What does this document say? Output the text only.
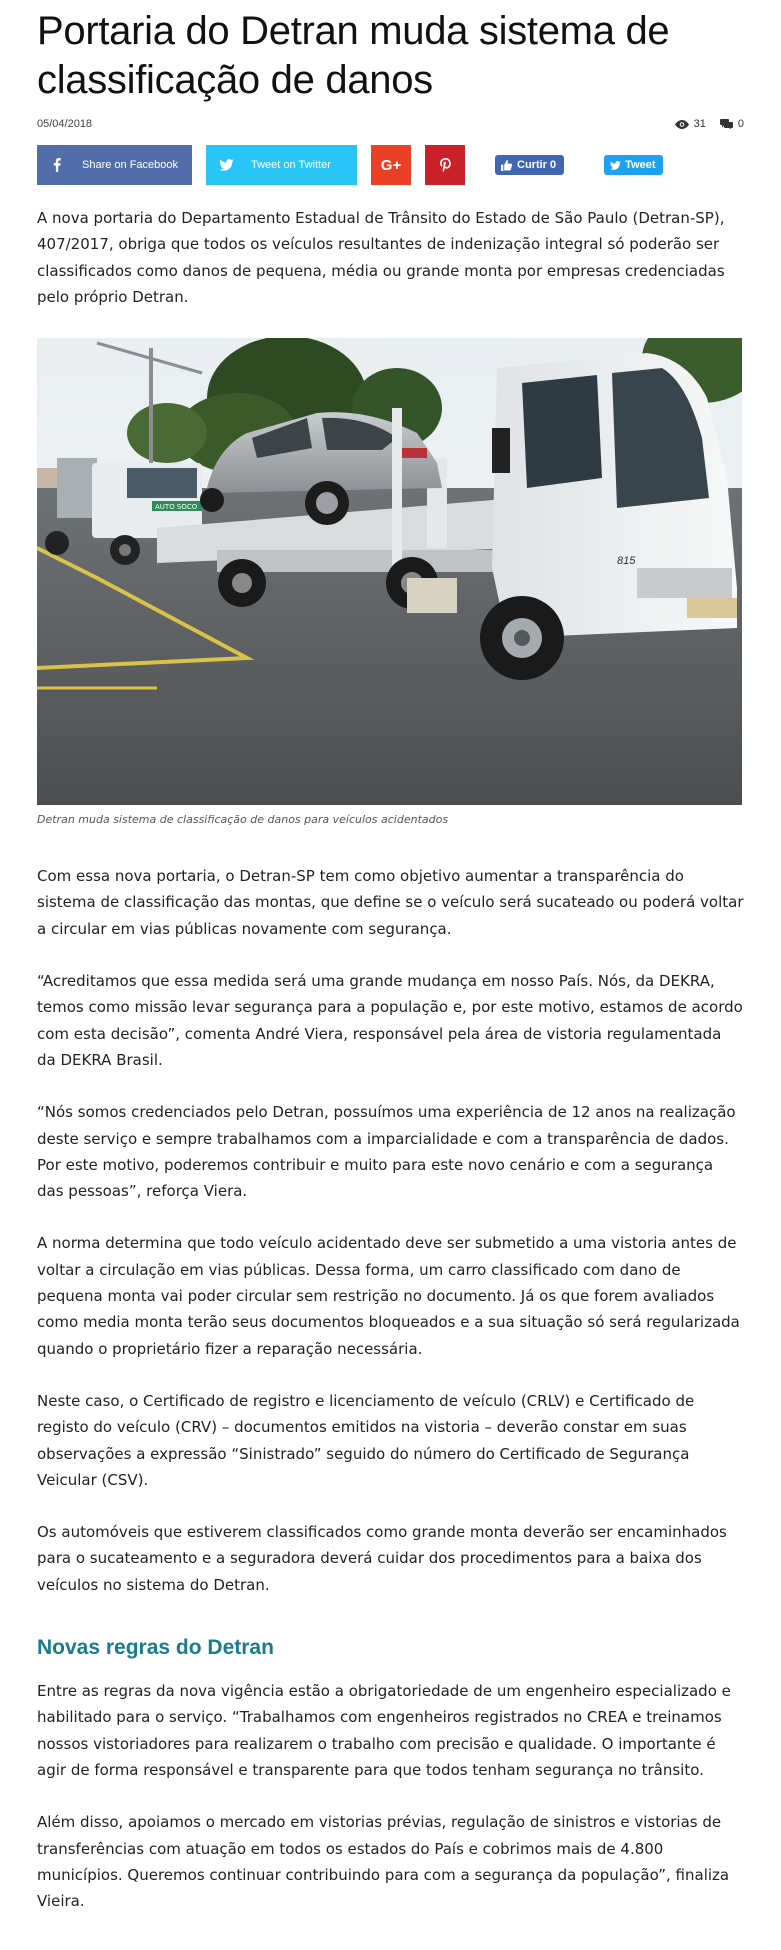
Portaria do Detran muda sistema de classificação de danos
05/04/2018	31	0
Share on Facebook	Tweet on Twitter	G+	Curtir 0	Tweet

A nova portaria do Departamento Estadual de Trânsito do Estado de São Paulo (Detran-SP), 407/2017, obriga que todos os veículos resultantes de indenização integral só poderão ser classificados como danos de pequena, média ou grande monta por empresas credenciadas pelo próprio Detran.

AUTO SOCO
815
Detran muda sistema de classificação de danos para veículos acidentados

Com essa nova portaria, o Detran-SP tem como objetivo aumentar a transparência do sistema de classificação das montas, que define se o veículo será sucateado ou poderá voltar a circular em vias públicas novamente com segurança.

“Acreditamos que essa medida será uma grande mudança em nosso País. Nós, da DEKRA, temos como missão levar segurança para a população e, por este motivo, estamos de acordo com esta decisão”, comenta André Viera, responsável pela área de vistoria regulamentada da DEKRA Brasil.

“Nós somos credenciados pelo Detran, possuímos uma experiência de 12 anos na realização deste serviço e sempre trabalhamos com a imparcialidade e com a transparência de dados. Por este motivo, poderemos contribuir e muito para este novo cenário e com a segurança das pessoas”, reforça Viera.

A norma determina que todo veículo acidentado deve ser submetido a uma vistoria antes de voltar a circulação em vias públicas. Dessa forma, um carro classificado com dano de pequena monta vai poder circular sem restrição no documento. Já os que forem avaliados como media monta terão seus documentos bloqueados e a sua situação só será regularizada quando o proprietário fizer a reparação necessária.

Neste caso, o Certificado de registro e licenciamento de veículo (CRLV) e Certificado de registo do veículo (CRV) – documentos emitidos na vistoria – deverão constar em suas observações a expressão “Sinistrado” seguido do número do Certificado de Segurança Veicular (CSV).

Os automóveis que estiverem classificados como grande monta deverão ser encaminhados para o sucateamento e a seguradora deverá cuidar dos procedimentos para a baixa dos veículos no sistema do Detran.

Novas regras do Detran

Entre as regras da nova vigência estão a obrigatoriedade de um engenheiro especializado e habilitado para o serviço. “Trabalhamos com engenheiros registrados no CREA e treinamos nossos vistoriadores para realizarem o trabalho com precisão e qualidade. O importante é agir de forma responsável e transparente para que todos tenham segurança no trânsito.

Além disso, apoiamos o mercado em vistorias prévias, regulação de sinistros e vistorias de transferências com atuação em todos os estados do País e cobrimos mais de 4.800 municípios. Queremos continuar contribuindo para com a segurança da população”, finaliza Vieira.
